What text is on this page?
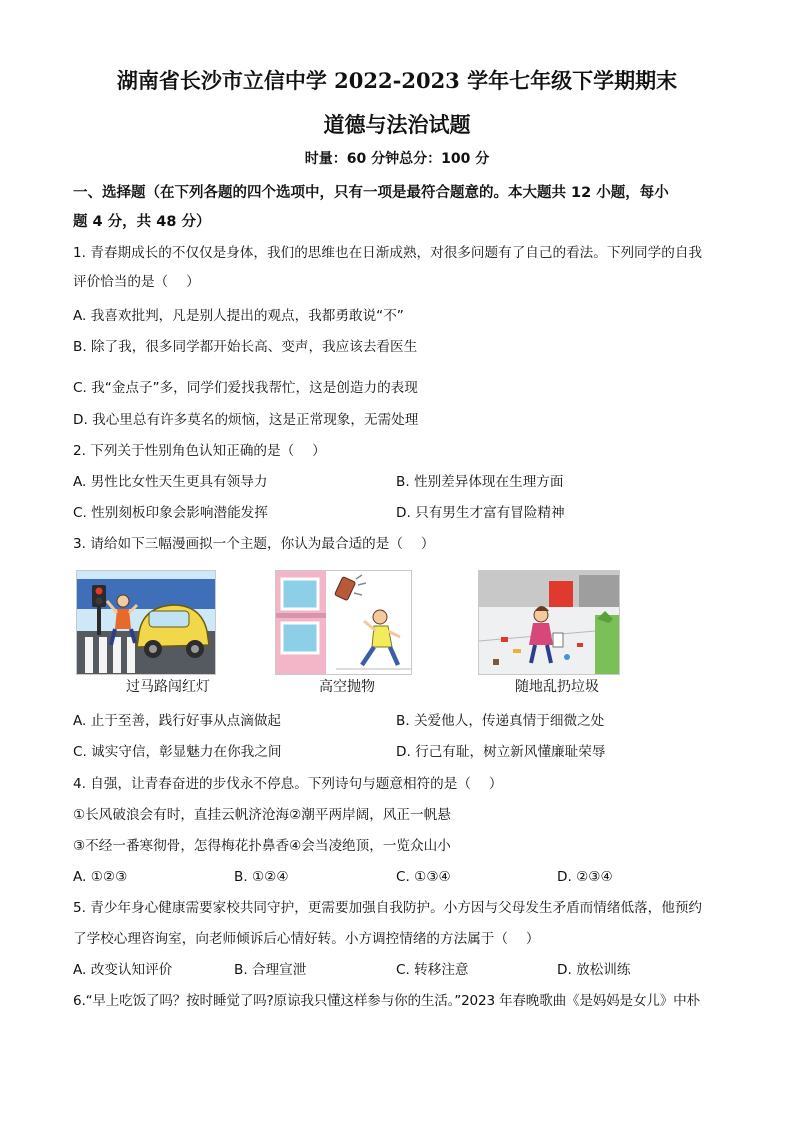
湖南省长沙市立信中学 2022-2023 学年七年级下学期期末
道德与法治试题
时量：60 分钟总分：100 分
一、选择题（在下列各题的四个选项中，只有一项是最符合题意的。本大题共 12 小题，每小
题 4 分，共 48 分）
1. 青春期成长的不仅仅是身体，我们的思维也在日渐成熟，对很多问题有了自己的看法。下列同学的自我
评价恰当的是（　 ）
A. 我喜欢批判，凡是别人提出的观点，我都勇敢说“不”
B. 除了我，很多同学都开始长高、变声，我应该去看医生
C. 我“金点子”多，同学们爱找我帮忙，这是创造力的表现
D. 我心里总有许多莫名的烦恼，这是正常现象，无需处理
2. 下列关于性别角色认知正确的是（　 ）
A. 男性比女性天生更具有领导力	B. 性别差异体现在生理方面
C. 性别刻板印象会影响潜能发挥	D. 只有男生才富有冒险精神
3. 请给如下三幅漫画拟一个主题，你认为最合适的是（　 ）
过马路闯红灯	高空抛物	随地乱扔垃圾
A. 止于至善，践行好事从点滴做起	B. 关爱他人，传递真情于细微之处
C. 诚实守信，彰显魅力在你我之间	D. 行己有耻，树立新风懂廉耻荣辱
4. 自强，让青春奋进的步伐永不停息。下列诗句与题意相符的是（　 ）
①长风破浪会有时，直挂云帆济沧海②潮平两岸阔，风正一帆悬
③不经一番寒彻骨，怎得梅花扑鼻香④会当凌绝顶，一览众山小
A. ①②③	B. ①②④	C. ①③④	D. ②③④
5. 青少年身心健康需要家校共同守护，更需要加强自我防护。小方因与父母发生矛盾而情绪低落，他预约
了学校心理咨询室，向老师倾诉后心情好转。小方调控情绪的方法属于（　 ）
A. 改变认知评价	B. 合理宣泄	C. 转移注意	D. 放松训练
6.“早上吃饭了吗？按时睡觉了吗?原谅我只懂这样参与你的生活。”2023 年春晚歌曲《是妈妈是女儿》中朴
